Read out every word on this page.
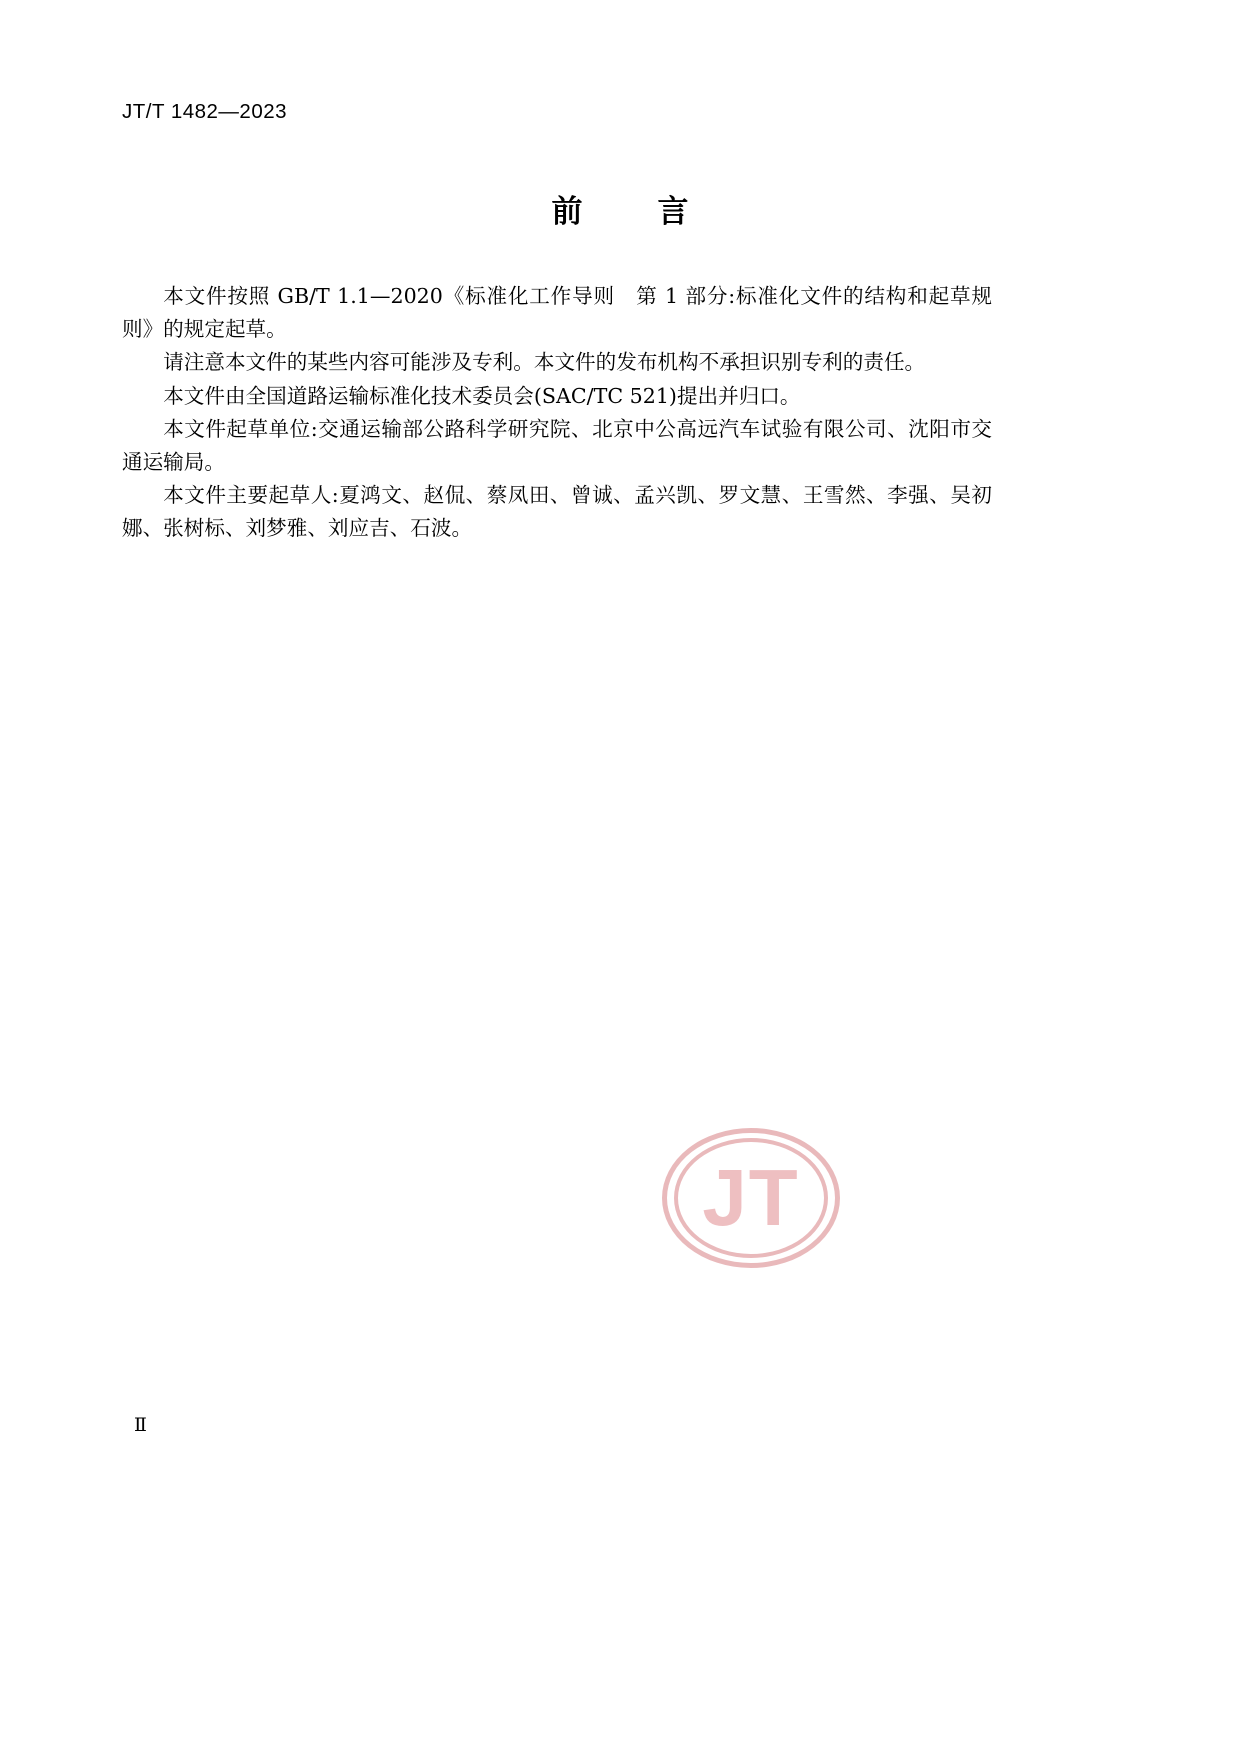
JT/T 1482—2023
前　言

本文件按照 GB/T 1.1—2020《标准化工作导则　第 1 部分:标准化文件的结构和起草规则》的规定起草。

请注意本文件的某些内容可能涉及专利。本文件的发布机构不承担识别专利的责任。

本文件由全国道路运输标准化技术委员会(SAC/TC 521)提出并归口。

本文件起草单位:交通运输部公路科学研究院、北京中公高远汽车试验有限公司、沈阳市交通运输局。

本文件主要起草人:夏鸿文、赵侃、蔡凤田、曾诚、孟兴凯、罗文慧、王雪然、李强、吴初娜、张树标、刘梦雅、刘应吉、石波。

JT
Ⅱ
